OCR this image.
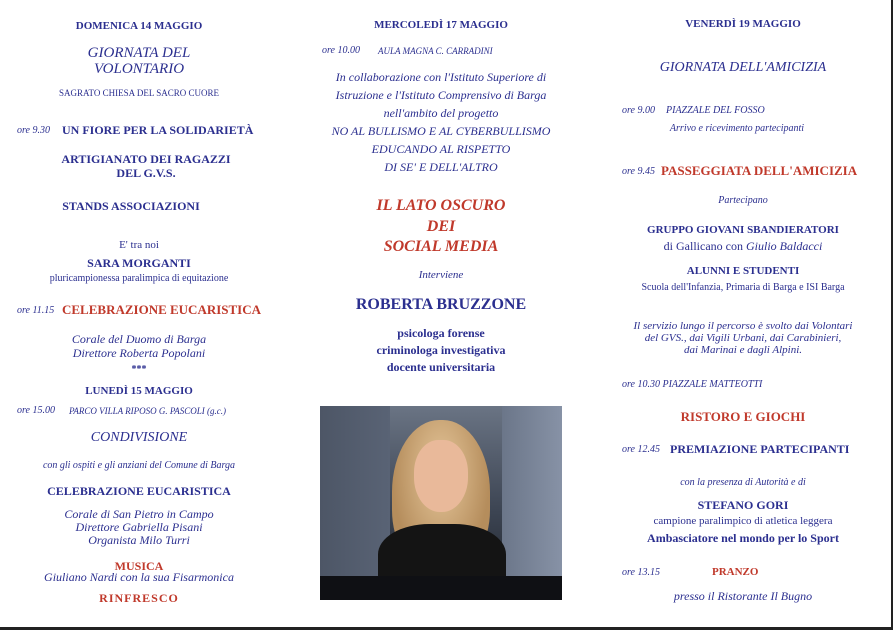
DOMENICA 14 MAGGIO
GIORNATA DEL
VOLONTARIO
SAGRATO CHIESA DEL SACRO CUORE
ore 9.30 UN FIORE PER LA SOLIDARIETÀ
ARTIGIANATO DEI RAGAZZI
DEL G.V.S.
STANDS ASSOCIAZIONI
E' tra noi
SARA MORGANTI
pluricampionessa paralimpica di equitazione
ore 11.15 CELEBRAZIONE EUCARISTICA
Corale del Duomo di Barga
Direttore Roberta Popolani
***
LUNEDÌ 15 MAGGIO
ore 15.00 PARCO VILLA RIPOSO G. PASCOLI (g.c.)
CONDIVISIONE
con gli ospiti e gli anziani del Comune di Barga
CELEBRAZIONE EUCARISTICA
Corale di San Pietro in Campo
Direttore Gabriella Pisani
Organista Milo Turri
MUSICA
Giuliano Nardi con la sua Fisarmonica
RINFRESCO
MERCOLEDÌ 17 MAGGIO
ore 10.00 AULA MAGNA C. CARRADINI
In collaborazione con l'Istituto Superiore di
Istruzione e l'Istituto Comprensivo di Barga
nell'ambito del progetto
NO AL BULLISMO E AL CYBERBULLISMO
EDUCANDO AL RISPETTO
DI SE' E DELL'ALTRO
IL LATO OSCURO
DEI
SOCIAL MEDIA
Interviene
ROBERTA BRUZZONE
psicologa forense
criminologa investigativa
docente universitaria
VENERDÌ 19 MAGGIO
GIORNATA DELL'AMICIZIA
ore 9.00 PIAZZALE DEL FOSSO
Arrivo e ricevimento partecipanti
ore 9.45 PASSEGGIATA DELL'AMICIZIA
Partecipano
GRUPPO GIOVANI SBANDIERATORI
di Gallicano con Giulio Baldacci
ALUNNI E STUDENTI
Scuola dell'Infanzia, Primaria di Barga e ISI Barga
Il servizio lungo il percorso è svolto dai Volontari
del GVS., dai Vigili Urbani, dai Carabinieri,
dai Marinai e dagli Alpini.
ore 10.30 PIAZZALE MATTEOTTI
RISTORO E GIOCHI
ore 12.45 PREMIAZIONE PARTECIPANTI
con la presenza di Autorità e di
STEFANO GORI
campione paralimpico di atletica leggera
Ambasciatore nel mondo per lo Sport
ore 13.15	PRANZO
presso il Ristorante Il Bugno
